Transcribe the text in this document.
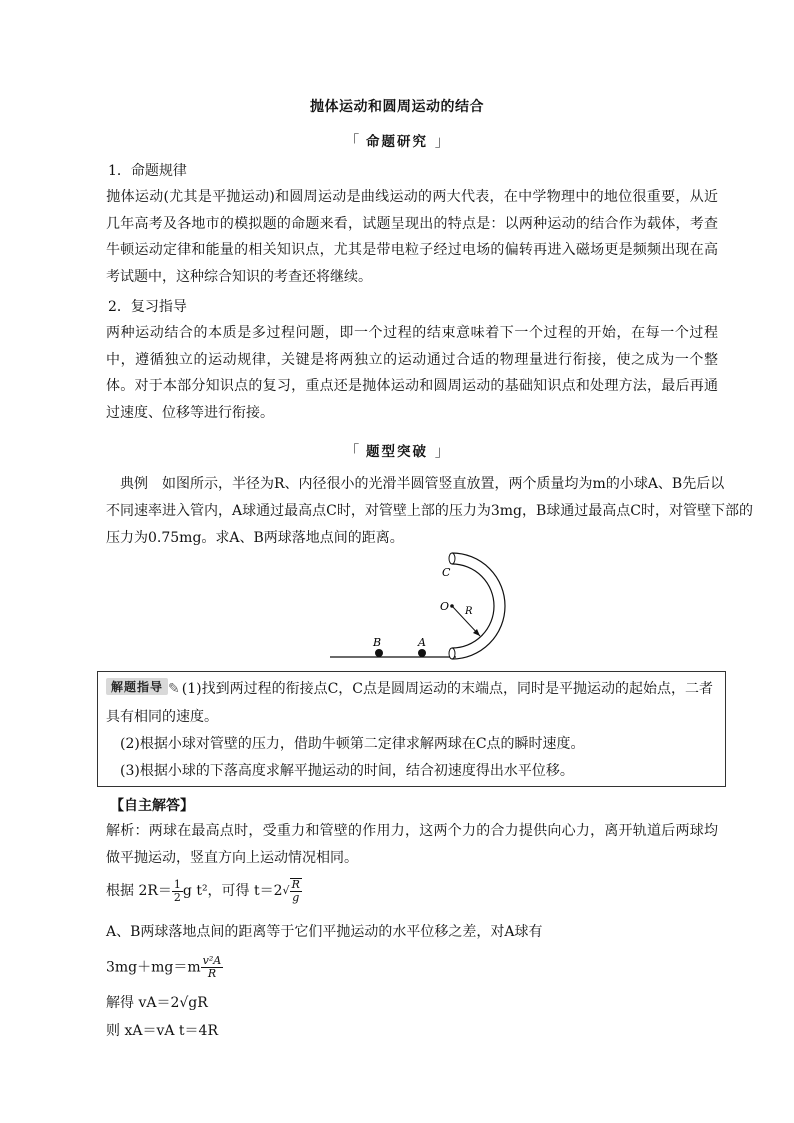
抛体运动和圆周运动的结合
「 命题研究 」
1．命题规律

抛体运动(尤其是平抛运动)和圆周运动是曲线运动的两大代表，在中学物理中的地位很重要，从近几年高考及各地市的模拟题的命题来看，试题呈现出的特点是：以两种运动的结合作为载体，考查牛顿运动定律和能量的相关知识点，尤其是带电粒子经过电场的偏转再进入磁场更是频频出现在高考试题中，这种综合知识的考查还将继续。

2．复习指导

两种运动结合的本质是多过程问题，即一个过程的结束意味着下一个过程的开始，在每一个过程中，遵循独立的运动规律，关键是将两独立的运动通过合适的物理量进行衔接，使之成为一个整体。对于本部分知识点的复习，重点还是抛体运动和圆周运动的基础知识点和处理方法，最后再通过速度、位移等进行衔接。

「 题型突破 」
典例　如图所示，半径为R、内径很小的光滑半圆管竖直放置，两个质量均为m的小球A、B先后以
不同速率进入管内，A球通过最高点C时，对管壁上部的压力为3mg，B球通过最高点C时，对管壁下部的
压力为0.75mg。求A、B两球落地点间的距离。
C
O R
B	A
解题指导 ✎ (1)找到两过程的衔接点C，C点是圆周运动的末端点，同时是平抛运动的起始点，二者
具有相同的速度。
(2)根据小球对管壁的压力，借助牛顿第二定律求解两球在C点的瞬时速度。
(3)根据小球的下落高度求解平抛运动的时间，结合初速度得出水平位移。
【自主解答】

解析：两球在最高点时，受重力和管壁的作用力，这两个力的合力提供向心力，离开轨道后两球均做平抛运动，竖直方向上运动情况相同。

根据 $2R= \frac{1}{2}$ g t²，可得 $t=2√ \frac{R}{g}$
A、B两球落地点间的距离等于它们平抛运动的水平位移之差，对A球有
$3mg+mg=m \frac{\text{v²A}}{R}$
解得 vA＝2√gR
则 xA＝vA t＝4R
